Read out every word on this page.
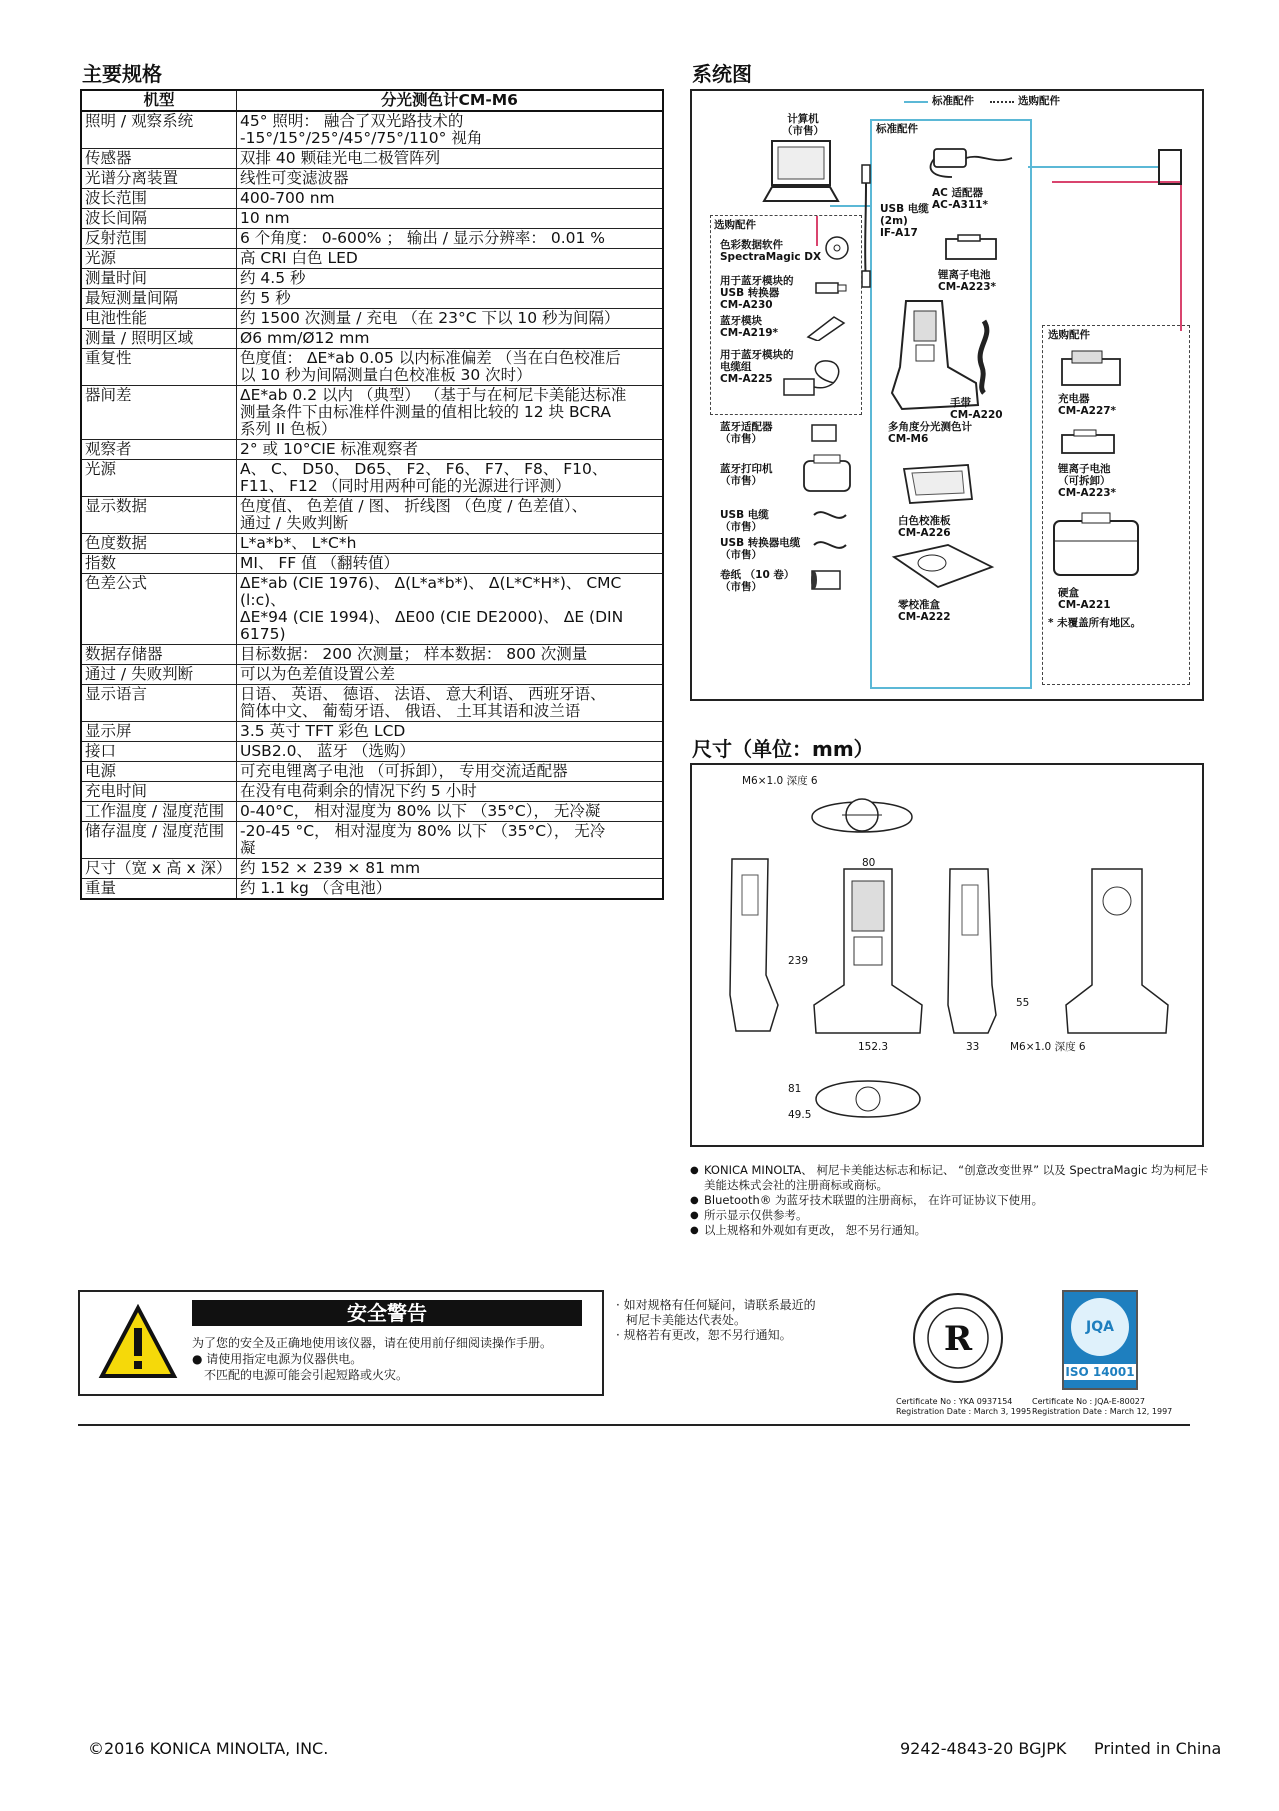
主要规格
机型	分光测色计CM-M6
照明 / 观察系统	45° 照明： 融合了双光路技术的
-15°/15°/25°/45°/75°/110° 视角
传感器	双排 40 颗硅光电二极管阵列
光谱分离装置	线性可变滤波器
波长范围	400-700 nm
波长间隔	10 nm
反射范围	6 个角度： 0-600% ； 输出 / 显示分辨率： 0.01 %
光源	高 CRI 白色 LED
测量时间	约 4.5 秒
最短测量间隔	约 5 秒
电池性能	约 1500 次测量 / 充电 （在 23°C 下以 10 秒为间隔）
测量 / 照明区域	Ø6 mm/Ø12 mm
重复性	色度值： ΔE*ab 0.05 以内标准偏差 （当在白色校准后
以 10 秒为间隔测量白色校准板 30 次时）
器间差	ΔE*ab 0.2 以内 （典型） （基于与在柯尼卡美能达标准
测量条件下由标准样件测量的值相比较的 12 块 BCRA
系列 II 色板）
观察者	2° 或 10°CIE 标准观察者
光源	A、 C、 D50、 D65、 F2、 F6、 F7、 F8、 F10、
F11、 F12 （同时用两种可能的光源进行评测）
显示数据	色度值、 色差值 / 图、 折线图 （色度 / 色差值）、
通过 / 失败判断
色度数据	L*a*b*、 L*C*h
指数	MI、 FF 值 （翻转值）
色差公式	ΔE*ab (CIE 1976)、 Δ(L*a*b*)、 Δ(L*C*H*)、 CMC (l:c)、
ΔE*94 (CIE 1994)、 ΔE00 (CIE DE2000)、 ΔE (DIN 6175)
数据存储器	目标数据： 200 次测量； 样本数据： 800 次测量
通过 / 失败判断	可以为色差值设置公差
显示语言	日语、 英语、 德语、 法语、 意大利语、 西班牙语、
简体中文、 葡萄牙语、 俄语、 土耳其语和波兰语
显示屏	3.5 英寸 TFT 彩色 LCD
接口	USB2.0、 蓝牙 （选购）
电源	可充电锂离子电池 （可拆卸）， 专用交流适配器
充电时间	在没有电荷剩余的情况下约 5 小时
工作温度 / 湿度范围	0-40°C， 相对湿度为 80% 以下 （35°C）， 无冷凝
储存温度 / 湿度范围	-20-45 °C， 相对湿度为 80% 以下 （35°C）， 无冷
凝
尺寸（宽 x 高 x 深）	约 152 × 239 × 81 mm
重量	约 1.1 kg （含电池）
系统图
标准配件	选购配件
标准配件
计算机
（市售）
USB 电缆
(2m)
IF-A17
AC 适配器
AC-A311*
锂离子电池
CM-A223*
选购配件
色彩数据软件
SpectraMagic DX
用于蓝牙模块的
USB 转换器
CM-A230
蓝牙模块
CM-A219*
用于蓝牙模块的
电缆组
CM-A225
手带
CM-A220
多角度分光测色计
CM-M6
蓝牙适配器
（市售）
蓝牙打印机
（市售）
USB 电缆
（市售）
USB 转换器电缆
（市售）
卷纸 （10 卷）
（市售）
白色校准板
CM-A226
零校准盒
CM-A222
选购配件
充电器
CM-A227*
锂离子电池
（可拆卸）
CM-A223*
硬盒
CM-A221
* 未覆盖所有地区。
尺寸（单位：mm）
M6×1.0 深度 6
80
239
152.3	33
55
M6×1.0 深度 6
81
49.5
● KONICA MINOLTA、 柯尼卡美能达标志和标记、 “创意改变世界” 以及 SpectraMagic 均为柯尼卡美能达株式会社的注册商标或商标。
● Bluetooth® 为蓝牙技术联盟的注册商标， 在许可证协议下使用。
● 所示显示仅供参考。
● 以上规格和外观如有更改， 恕不另行通知。
安全警告
为了您的安全及正确地使用该仪器，请在使用前仔细阅读操作手册。
● 请使用指定电源为仪器供电。
不匹配的电源可能会引起短路或火灾。
· 如对规格有任何疑问，请联系最近的
柯尼卡美能达代表处。
· 规格若有更改，恕不另行通知。	R	JQA
ISO 14001
Certificate No : YKA 0937154
Registration Date : March 3, 1995
Certificate No : JQA-E-80027
Registration Date : March 12, 1997
©2016 KONICA MINOLTA, INC.	9242-4843-20 BGJPK Printed in China
